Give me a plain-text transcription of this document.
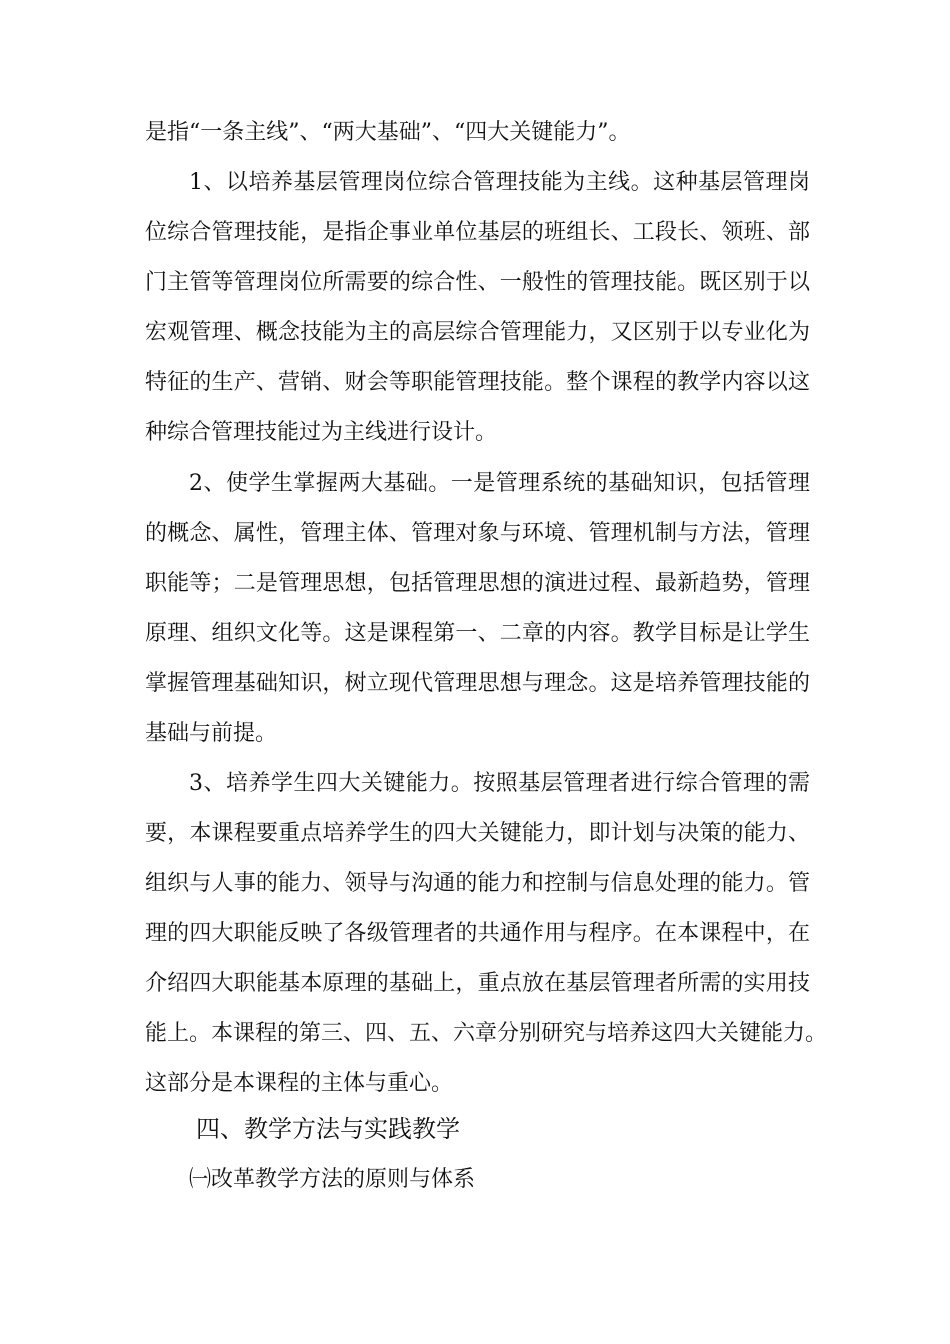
是指“一条主线”、“两大基础”、“四大关键能力”。
1、以培养基层管理岗位综合管理技能为主线。这种基层管理岗
位综合管理技能，是指企事业单位基层的班组长、工段长、领班、部
门主管等管理岗位所需要的综合性、一般性的管理技能。既区别于以
宏观管理、概念技能为主的高层综合管理能力，又区别于以专业化为
特征的生产、营销、财会等职能管理技能。整个课程的教学内容以这
种综合管理技能过为主线进行设计。
2、使学生掌握两大基础。一是管理系统的基础知识，包括管理
的概念、属性，管理主体、管理对象与环境、管理机制与方法，管理
职能等；二是管理思想，包括管理思想的演进过程、最新趋势，管理
原理、组织文化等。这是课程第一、二章的内容。教学目标是让学生
掌握管理基础知识，树立现代管理思想与理念。这是培养管理技能的
基础与前提。
3、培养学生四大关键能力。按照基层管理者进行综合管理的需
要，本课程要重点培养学生的四大关键能力，即计划与决策的能力、
组织与人事的能力、领导与沟通的能力和控制与信息处理的能力。管
理的四大职能反映了各级管理者的共通作用与程序。在本课程中，在
介绍四大职能基本原理的基础上，重点放在基层管理者所需的实用技
能上。本课程的第三、四、五、六章分别研究与培养这四大关键能力。
这部分是本课程的主体与重心。
四、教学方法与实践教学
㈠改革教学方法的原则与体系
